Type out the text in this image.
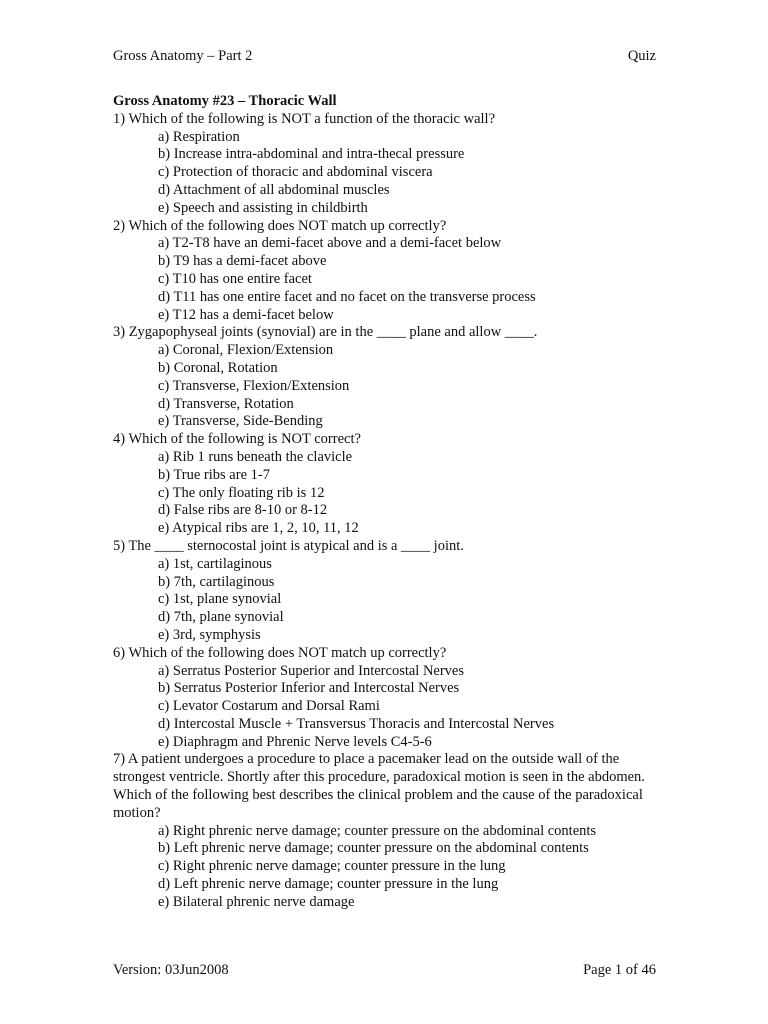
Gross Anatomy – Part 2	Quiz
Gross Anatomy #23 – Thoracic Wall
1) Which of the following is NOT a function of the thoracic wall?
a) Respiration
b) Increase intra-abdominal and intra-thecal pressure
c) Protection of thoracic and abdominal viscera
d) Attachment of all abdominal muscles
e) Speech and assisting in childbirth
2) Which of the following does NOT match up correctly?
a) T2-T8 have an demi-facet above and a demi-facet below
b) T9 has a demi-facet above
c) T10 has one entire facet
d) T11 has one entire facet and no facet on the transverse process
e) T12 has a demi-facet below
3) Zygapophyseal joints (synovial) are in the ____ plane and allow ____.
a) Coronal, Flexion/Extension
b) Coronal, Rotation
c) Transverse, Flexion/Extension
d) Transverse, Rotation
e) Transverse, Side-Bending
4) Which of the following is NOT correct?
a) Rib 1 runs beneath the clavicle
b) True ribs are 1-7
c) The only floating rib is 12
d) False ribs are 8-10 or 8-12
e) Atypical ribs are 1, 2, 10, 11, 12
5) The ____ sternocostal joint is atypical and is a ____ joint.
a) 1st, cartilaginous
b) 7th, cartilaginous
c) 1st, plane synovial
d) 7th, plane synovial
e) 3rd, symphysis
6) Which of the following does NOT match up correctly?
a) Serratus Posterior Superior and Intercostal Nerves
b) Serratus Posterior Inferior and Intercostal Nerves
c) Levator Costarum and Dorsal Rami
d) Intercostal Muscle + Transversus Thoracis and Intercostal Nerves
e) Diaphragm and Phrenic Nerve levels C4-5-6
7) A patient undergoes a procedure to place a pacemaker lead on the outside wall of the strongest ventricle. Shortly after this procedure, paradoxical motion is seen in the abdomen. Which of the following best describes the clinical problem and the cause of the paradoxical motion?
a) Right phrenic nerve damage; counter pressure on the abdominal contents
b) Left phrenic nerve damage; counter pressure on the abdominal contents
c) Right phrenic nerve damage; counter pressure in the lung
d) Left phrenic nerve damage; counter pressure in the lung
e) Bilateral phrenic nerve damage
Version: 03Jun2008	Page 1 of 46
